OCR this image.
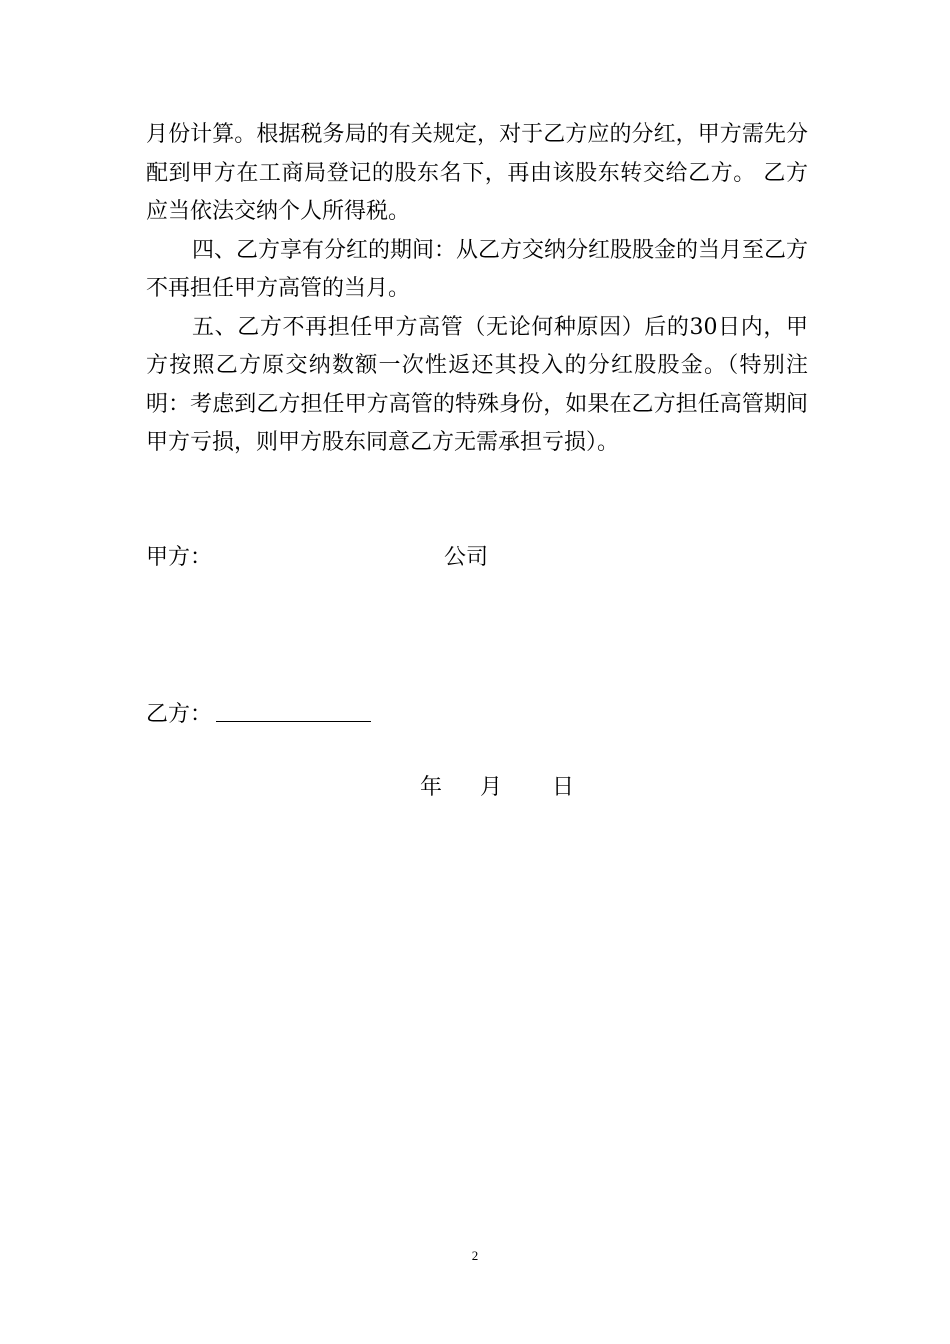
月份计算。根据税务局的有关规定，对于乙方应的分红，甲方需先分配到甲方在工商局登记的股东名下，再由该股东转交给乙方。 乙方应当依法交纳个人所得税。

四、乙方享有分红的期间：从乙方交纳分红股股金的当月至乙方不再担任甲方高管的当月。

五、乙方不再担任甲方高管（无论何种原因）后的30日内，甲方按照乙方原交纳数额一次性返还其投入的分红股股金。（特别注明：考虑到乙方担任甲方高管的特殊身份，如果在乙方担任高管期间甲方亏损，则甲方股东同意乙方无需承担亏损）。

甲方：	公司
乙方：
年 月 日
2
